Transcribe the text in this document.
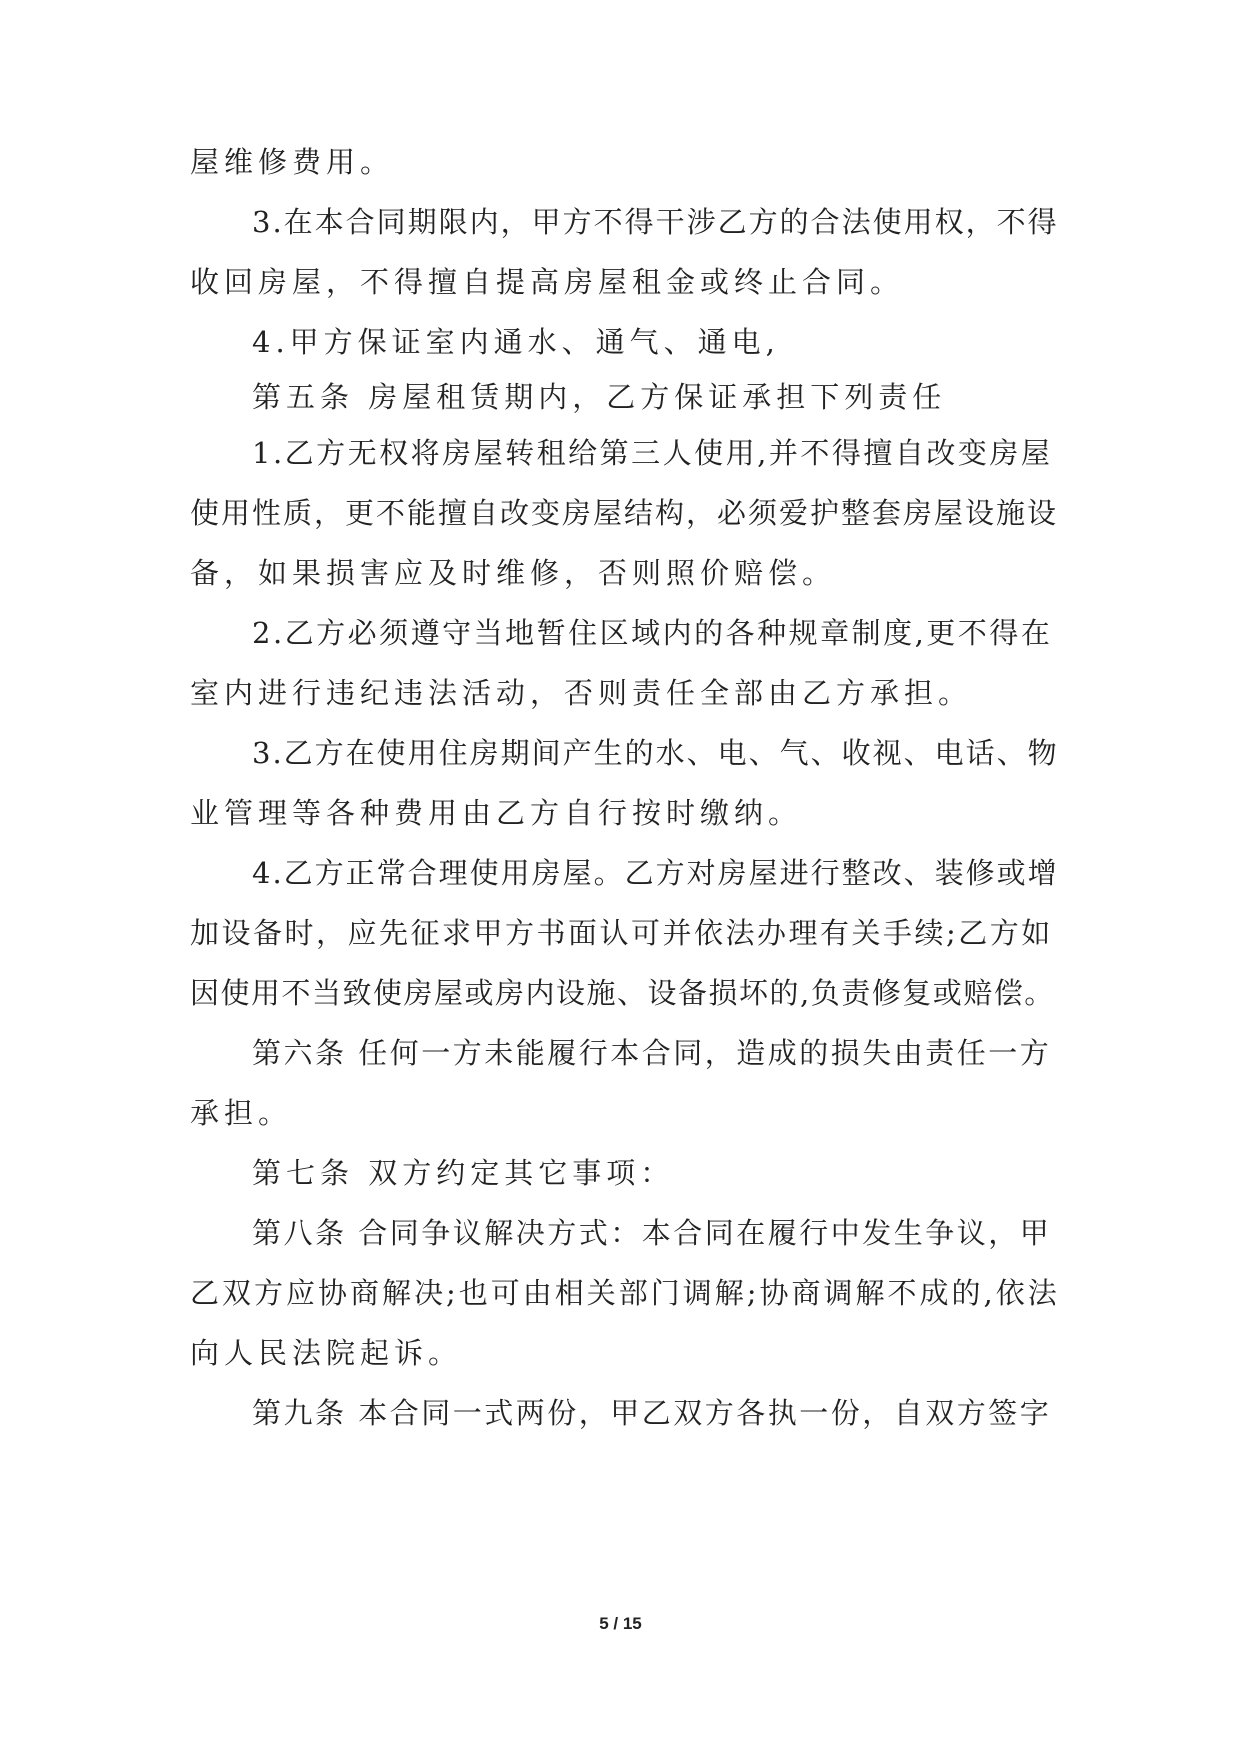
屋维修费用。
3.在本合同期限内，甲方不得干涉乙方的合法使用权，不得
收回房屋，不得擅自提高房屋租金或终止合同。
4.甲方保证室内通水、通气、通电,
第五条 房屋租赁期内，乙方保证承担下列责任
1.乙方无权将房屋转租给第三人使用,并不得擅自改变房屋
使用性质，更不能擅自改变房屋结构，必须爱护整套房屋设施设
备，如果损害应及时维修，否则照价赔偿。
2.乙方必须遵守当地暂住区域内的各种规章制度,更不得在
室内进行违纪违法活动，否则责任全部由乙方承担。
3.乙方在使用住房期间产生的水、电、气、收视、电话、物
业管理等各种费用由乙方自行按时缴纳。
4.乙方正常合理使用房屋。乙方对房屋进行整改、装修或增
加设备时，应先征求甲方书面认可并依法办理有关手续;乙方如
因使用不当致使房屋或房内设施、设备损坏的,负责修复或赔偿。
第六条 任何一方未能履行本合同，造成的损失由责任一方
承担。
第七条 双方约定其它事项：
第八条 合同争议解决方式：本合同在履行中发生争议，甲
乙双方应协商解决;也可由相关部门调解;协商调解不成的,依法
向人民法院起诉。
第九条 本合同一式两份，甲乙双方各执一份，自双方签字
5 / 15
